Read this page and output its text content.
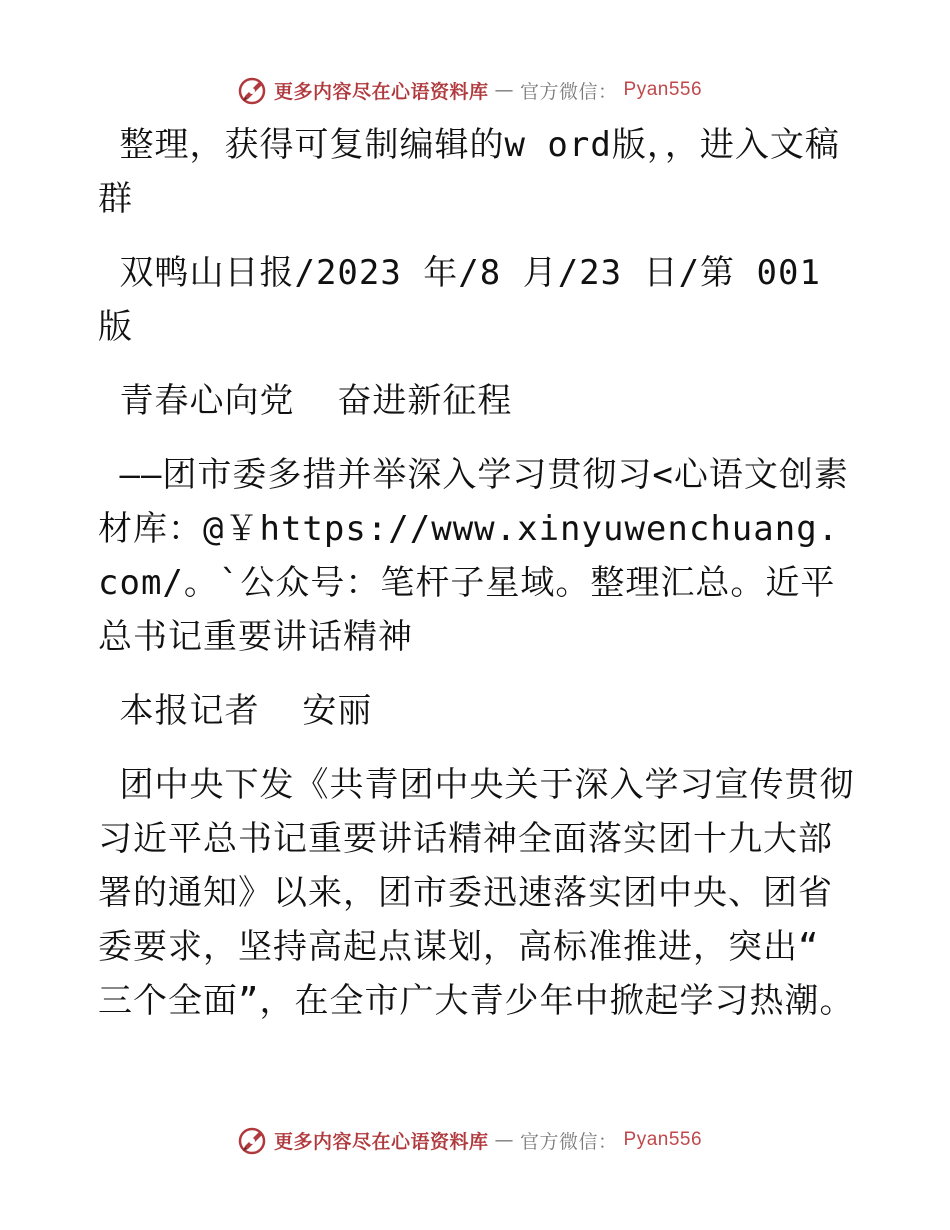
更多内容尽在心语资料库 — 官方微信： Pyan556

整理，获得可复制编辑的w ord版，，进入文稿群

双鸭山日报/2023 年/8 月/23 日/第 001 版

青春心向党  奋进新征程

——团市委多措并举深入学习贯彻习<心语文创素材库：@￥https://www.xinyuwenchuang.com/。`公众号：笔杆子星域。整理汇总。近平总书记重要讲话精神

本报记者  安丽

团中央下发《共青团中央关于深入学习宣传贯彻习近平总书记重要讲话精神全面落实团十九大部署的通知》以来，团市委迅速落实团中央、团省委要求，坚持高起点谋划，高标准推进，突出“ 三个全面”，在全市广大青少年中掀起学习热潮。

更多内容尽在心语资料库 — 官方微信： Pyan556
